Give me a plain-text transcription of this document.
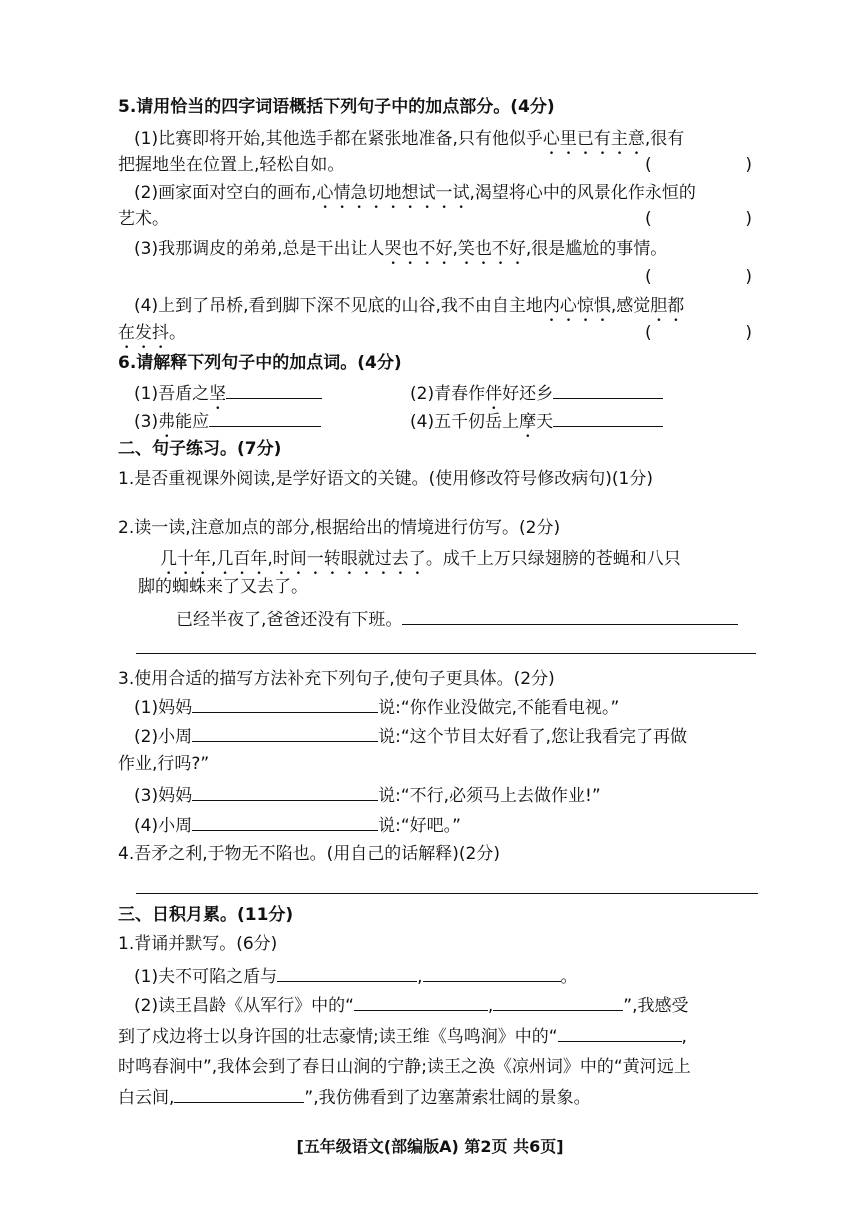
5.请用恰当的四字词语概括下列句子中的加点部分。(4分)
(1)比赛即将开始,其他选手都在紧张地准备,只有他似乎心里已有主意,很有
把握地坐在位置上,轻松自如。	(	)
(2)画家面对空白的画布,心情急切地想试一试,渴望将心中的风景化作永恒的
艺术。	(	)
(3)我那调皮的弟弟,总是干出让人哭也不好,笑也不好,很是尴尬的事情。
(	)
(4)上到了吊桥,看到脚下深不见底的山谷,我不由自主地内心惊惧,感觉胆都
在发抖。	(	)
6.请解释下列句子中的加点词。(4分)
(1)吾盾之坚	(2)青春作伴好还乡
(3)弗能应	(4)五千仞岳上摩天
二、句子练习。(7分)
1.是否重视课外阅读,是学好语文的关键。(使用修改符号修改病句)(1分)
2.读一读,注意加点的部分,根据给出的情境进行仿写。(2分)
几十年,几百年,时间一转眼就过去了。成千上万只绿翅膀的苍蝇和八只
脚的蜘蛛来了又去了。
已经半夜了,爸爸还没有下班。
3.使用合适的描写方法补充下列句子,使句子更具体。(2分)
(1)妈妈	说:“你作业没做完,不能看电视。”
(2)小周	说:“这个节目太好看了,您让我看完了再做
作业,行吗?”
(3)妈妈	说:“不行,必须马上去做作业!”
(4)小周	说:“好吧。”
4.吾矛之利,于物无不陷也。(用自己的话解释)(2分)
三、日积月累。(11分)
1.背诵并默写。(6分)
(1)夫不可陷之盾与	,	。
(2)读王昌龄《从军行》中的“	,	”,我感受
到了戍边将士以身许国的壮志豪情;读王维《鸟鸣涧》中的“	,
时鸣春涧中”,我体会到了春日山涧的宁静;读王之涣《凉州词》中的“黄河远上
白云间,	”,我仿佛看到了边塞萧索壮阔的景象。
[五年级语文(部编版A) 第2页 共6页]
